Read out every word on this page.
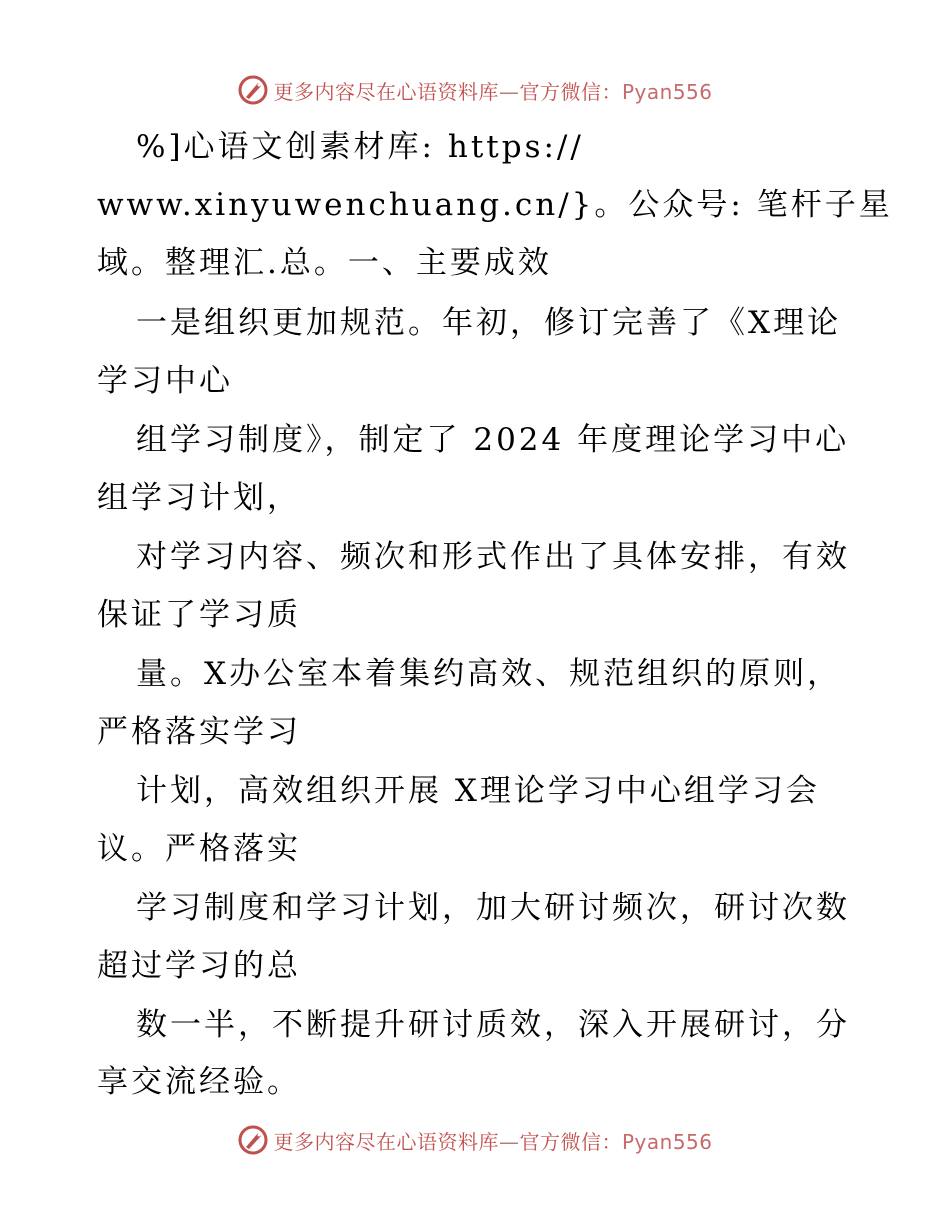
更多内容尽在心语资料库—官方微信：Pyan556
%]心语文创素材库: https://
www.xinyuwenchuang.cn/}。公众号: 笔杆子星
域。整理汇.总。一、主要成效
一是组织更加规范。年初，修订完善了《X理论
学习中心
组学习制度》，制定了 2024 年度理论学习中心
组学习计划，
对学习内容、频次和形式作出了具体安排，有效
保证了学习质
量。X办公室本着集约高效、规范组织的原则，
严格落实学习
计划，高效组织开展 X理论学习中心组学习会
议。严格落实
学习制度和学习计划，加大研讨频次，研讨次数
超过学习的总
数一半，不断提升研讨质效，深入开展研讨，分
享交流经验。
更多内容尽在心语资料库—官方微信：Pyan556
